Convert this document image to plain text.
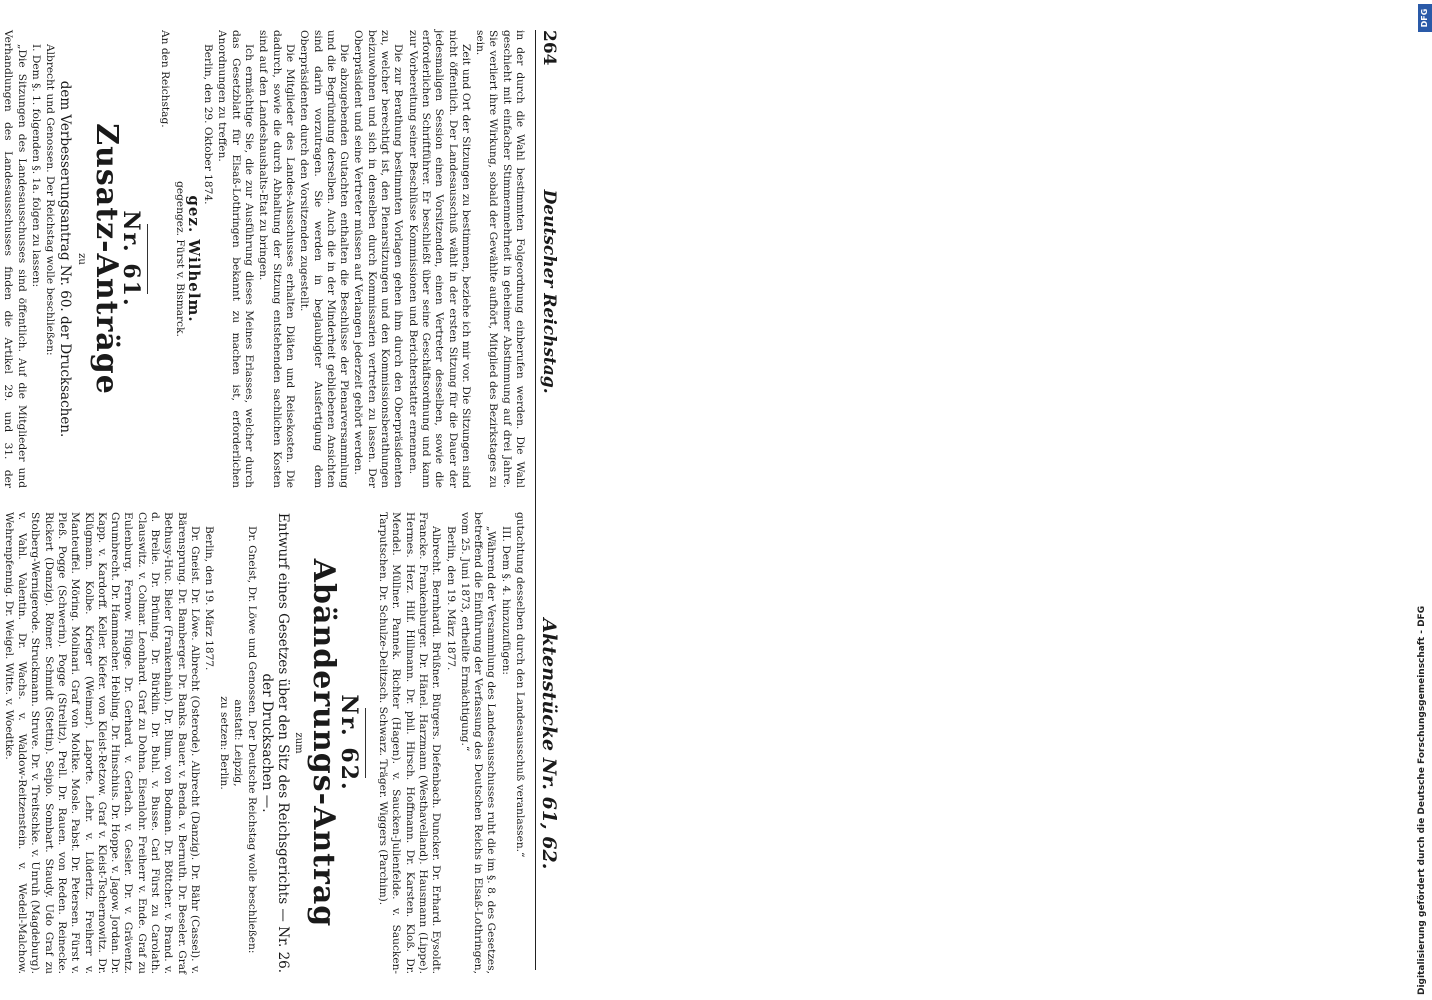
264
Deutscher Reichstag.
Aktenstücke Nr. 61, 62.

in der durch die Wahl bestimmten Folgeordnung einberufen werden. Die Wahl geschieht mit einfacher Stimmenmehrheit in geheimer Abstimmung auf drei Jahre. Sie verliert ihre Wirkung, sobald der Gewählte aufhört, Mitglied des Bezirkstages zu sein.

Zeit und Ort der Sitzungen zu bestimmen, beziehe ich mir vor. Die Sitzungen sind nicht öffentlich. Der Landesausschuß wählt in der ersten Sitzung für die Dauer der jedesmaligen Session einen Vorsitzenden, einen Vertreter desselben, sowie die erforderlichen Schriftführer. Er beschließt über seine Geschäftsordnung und kann zur Vorbereitung seiner Beschlüsse Kommissionen und Berichterstatter ernennen.

Die zur Berathung bestimmten Vorlagen gehen ihm durch den Oberpräsidenten zu, welcher berechtigt ist, den Plenarsitzungen und den Kommissionsberathungen beizuwohnen und sich in denselben durch Kommissarien vertreten zu lassen. Der Oberpräsident und seine Vertreter müssen auf Verlangen jederzeit gehört werden.

Die abzugebenden Gutachten enthalten die Beschlüsse der Plenarversammlung und die Begründung derselben. Auch die in der Minderheit gebliebenen Ansichten sind darin vorzutragen. Sie werden in beglaubigter Ausfertigung dem Oberpräsidenten durch den Vorsitzenden zugestellt.

Die Mitglieder des Landes-Ausschusses erhalten Diäten und Reisekosten. Die dadurch, sowie die durch Abhaltung der Sitzung entstehenden sachlichen Kosten sind auf den Landeshaushalts-Etat zu bringen.

Ich ermächtige Sie, die zur Ausführung dieses Meines Erlasses, welcher durch das Gesetzblatt für Elsaß-Lothringen bekannt zu machen ist, erforderlichen Anordnungen zu treffen.

Berlin, den 29. Oktober 1874.

gez. Wilhelm.

gegengez. Fürst v. Bismarck.

An den Reichstag.

Nr. 61.

Zusatz-Anträge

zu

dem Verbesserungsantrag Nr. 60. der Drucksachen.

Albrecht und Genossen. Der Reichstag wolle beschließen:

I. Dem §. 1. folgenden §. 1a. folgen zu lassen:

„Die Sitzungen des Landesausschusses sind öffentlich. Auf die Mitglieder und Verhandlungen des Landesausschusses finden die Artikel 29. und 31. der

gutachtung desselben durch den Landesausschuß veranlassen.“

III. Dem §. 4. hinzuzufügen:

„Während der Versammlung des Landesausschusses ruht die im §. 8. des Gesetzes, betreffend die Einführung der Verfassung des Deutschen Reichs in Elsaß-Lothringen, vom 25. Juni 1873, ertheilte Ermächtigung.“

Berlin, den 19. März 1877.

Albrecht. Bernhardi. Brüßner. Bürgers. Diefenbach. Duncker. Dr. Erhard. Eysoldt. Francke. Frankenburger. Dr. Hänel. Harzmann (Westhavelland). Hausmann (Lippe). Hermes. Herz. Hilf. Hillmann. Dr. phil. Hirsch. Hoffmann. Dr. Karsten. Kloß. Dr. Mendel. Müllner. Pannek. Richter (Hagen). v. Saucken-Julienfelde. v. Saucken-Tarputschen. Dr. Schulze-Delitzsch. Schwarz. Träger. Wiggers (Parchim).

Nr. 62.

Abänderungs-Antrag

zum

Entwurf eines Gesetzes über den Sitz des Reichsgerichts — Nr. 26. der Drucksachen —.

Dr. Gneist, Dr. Löwe und Genossen. Der Deutsche Reichstag wolle beschließen:

anstatt: Leipzig,

zu setzen: Berlin.

Berlin, den 19. März 1877.

Dr. Gneist. Dr. Löwe. Albrecht (Osterode). Albrecht (Danzig). Dr. Bähr (Cassel). v. Bärensprung. Dr. Bamberger. Dr. Banks. Bauer. v. Benda. v. Bernuth. Dr. Beseler. Graf Bethusy-Huc. Bieler (Frankenhain). Dr. Blum. von Bodman. Dr. Böttcher. v. Brand. v. d. Brelie. Dr. Brüning. Dr. Bürklin. Dr. Buhl. v. Busse. Carl Fürst zu Carolath. Clauswitz. v. Colmar. Leonhard. Graf zu Dohna. Eisenlohr. Freiherr v. Ende. Graf zu Eulenburg. Fernow. Flügge. Dr. Gerhard. v. Gerlach. v. Gesler. Dr. v. Gräventz. Grumbrecht. Dr. Hammacher. Hebling. Dr. Hinschius. Dr. Hoppe. v. Jagow. Jordan. Dr. Kapp. v. Kardorff. Keller. Kiefer. von Kleist-Retzow. Graf v. Kleist-Tschernowitz. Dr. Klügmann. Kolbe. Krieger (Weimar). Laporte. Lehr. v. Lüderitz. Freiherr v. Manteuffel. Möring. Molinari. Graf von Moltke. Mosle. Pabst. Dr. Petersen. Fürst v. Pleß. Pogge (Schwerin). Pogge (Strelitz). Prell. Dr. Rauen. von Reden. Reinecke. Rickert (Danzig). Römer. Schmidt (Stettin). Seipio. Sombart. Staudy. Udo Graf zu Stolberg-Wernigerode. Struckmann. Struve. Dr. v. Treitschke. v. Unruh (Magdeburg). v. Vahl. Valentin. Dr. Wachs. v. Waldow-Reitzenstein. v. Wedell-Malchow. Wehrenpfennig. Dr. Weigel. Witte. v. Woedtke.

DFG
Digitalisierung gefördert durch die Deutsche Forschungsgemeinschaft - DFG
